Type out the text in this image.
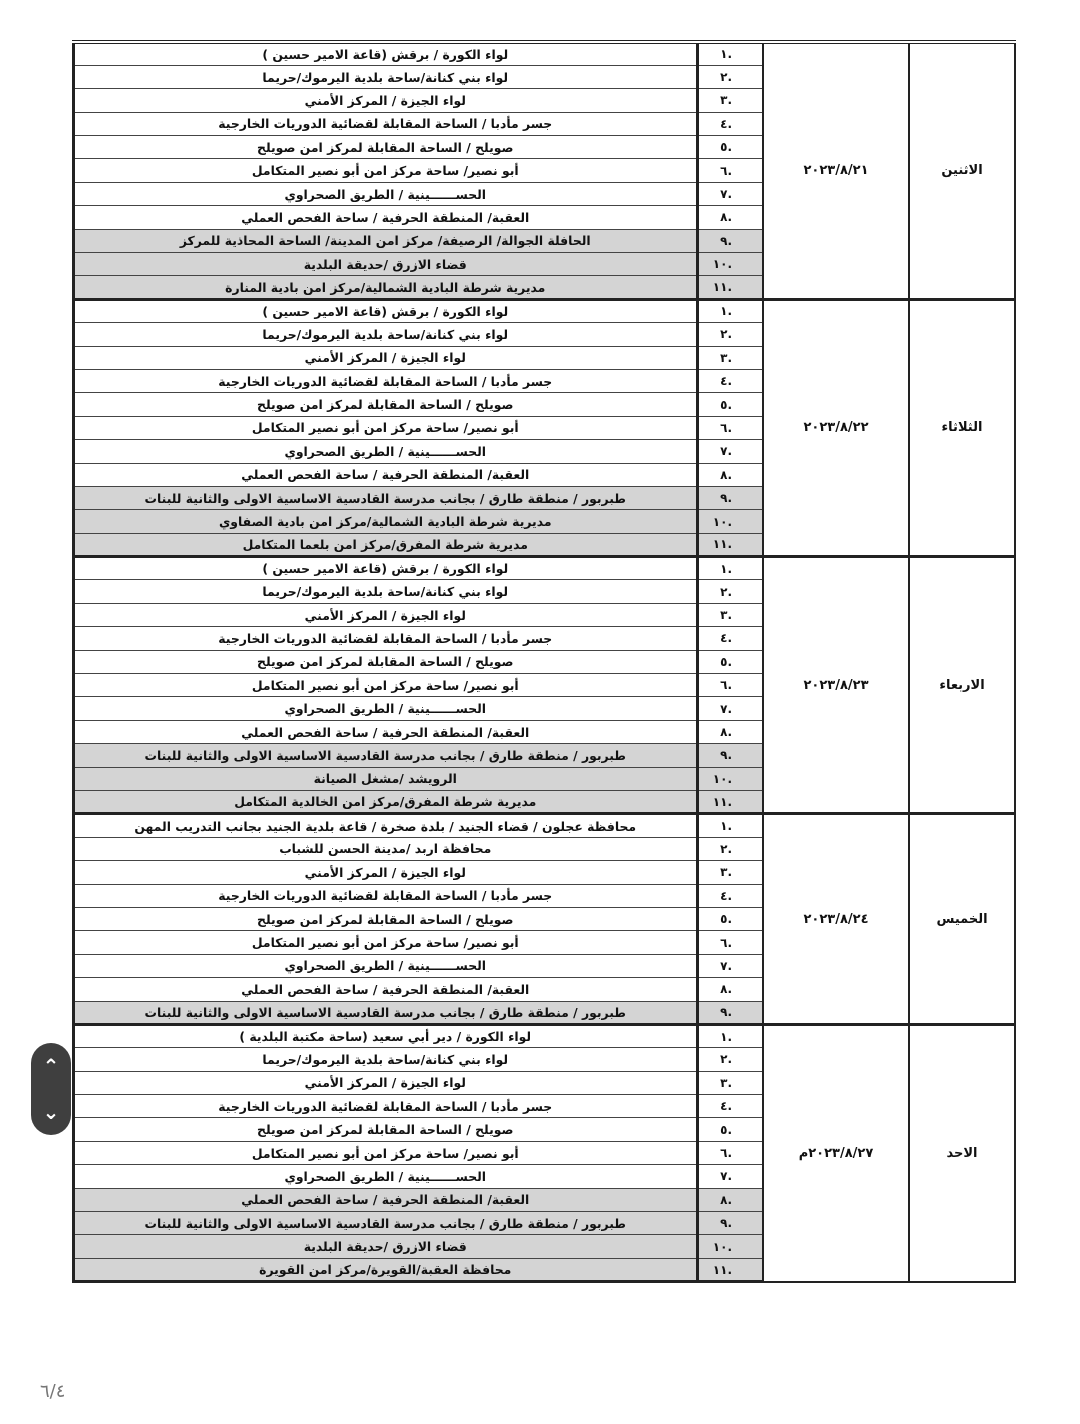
الاثنين	٢٠٢٣/٨/٢١	.١	لواء الكورة / برقش (قاعة الامير حسين )
		.٢	لواء بني كنانة/ساحة بلدية اليرموك/حريما
		.٣	لواء الجيزة / المركز الأمني
		.٤	جسر مأدبا / الساحة المقابلة لقضائية الدوريات الخارجية
		.٥	صويلح / الساحة المقابلة لمركز امن صويلح
		.٦	أبو نصير/ ساحة مركز امن أبو نصير المتكامل
		.٧	الحســــــينية / الطريق الصحراوي
		.٨	العقبة/ المنطقة الحرفية / ساحة الفحص العملي
		.٩	الحافلة الجوالة/ الرصيفة/ مركز امن المدينة/ الساحة المحاذية للمركز
		.١٠	قضاء الازرق /حديقة البلدية
		.١١	مديرية شرطة البادية الشمالية/مركز امن بادية المنارة
الثلاثاء	٢٠٢٣/٨/٢٢	.١	لواء الكورة / برقش (قاعة الامير حسين )
		.٢	لواء بني كنانة/ساحة بلدية اليرموك/حريما
		.٣	لواء الجيزة / المركز الأمني
		.٤	جسر مأدبا / الساحة المقابلة لقضائية الدوريات الخارجية
		.٥	صويلح / الساحة المقابلة لمركز امن صويلح
		.٦	أبو نصير/ ساحة مركز امن أبو نصير المتكامل
		.٧	الحســــــينية / الطريق الصحراوي
		.٨	العقبة/ المنطقة الحرفية / ساحة الفحص العملي
		.٩	طبربور / منطقة طارق / بجانب مدرسة القادسية الاساسية الاولى والثانية للبنات
		.١٠	مديرية شرطة البادية الشمالية/مركز امن بادية الصفاوي
		.١١	مديرية شرطة المفرق/مركز امن بلعما المتكامل
الاربعاء	٢٠٢٣/٨/٢٣	.١	لواء الكورة / برقش (قاعة الامير حسين )
		.٢	لواء بني كنانة/ساحة بلدية اليرموك/حريما
		.٣	لواء الجيزة / المركز الأمني
		.٤	جسر مأدبا / الساحة المقابلة لقضائية الدوريات الخارجية
		.٥	صويلح / الساحة المقابلة لمركز امن صويلح
		.٦	أبو نصير/ ساحة مركز امن أبو نصير المتكامل
		.٧	الحســــــينية / الطريق الصحراوي
		.٨	العقبة/ المنطقة الحرفية / ساحة الفحص العملي
		.٩	طبربور / منطقة طارق / بجانب مدرسة القادسية الاساسية الاولى والثانية للبنات
		.١٠	الرويشد /مشغل الصيانة
		.١١	مديرية شرطة المفرق/مركز امن الخالدية المتكامل
الخميس	٢٠٢٣/٨/٢٤	.١	محافظة عجلون / قضاء الجنيد / بلدة صخرة / قاعة بلدية الجنيد بجانب التدريب المهن
		.٢	محافظة اربد /مدينة الحسن للشباب
		.٣	لواء الجيزة / المركز الأمني
		.٤	جسر مأدبا / الساحة المقابلة لقضائية الدوريات الخارجية
		.٥	صويلح / الساحة المقابلة لمركز امن صويلح
		.٦	أبو نصير/ ساحة مركز امن أبو نصير المتكامل
		.٧	الحســــــينية / الطريق الصحراوي
		.٨	العقبة/ المنطقة الحرفية / ساحة الفحص العملي
		.٩	طبربور / منطقة طارق / بجانب مدرسة القادسية الاساسية الاولى والثانية للبنات
الاحد	٢٠٢٣/٨/٢٧م	.١	لواء الكورة / دير أبي سعيد (ساحة مكتبة البلدية )
		.٢	لواء بني كنانة/ساحة بلدية اليرموك/حريما
		.٣	لواء الجيزة / المركز الأمني
		.٤	جسر مأدبا / الساحة المقابلة لقضائية الدوريات الخارجية
		.٥	صويلح / الساحة المقابلة لمركز امن صويلح
		.٦	أبو نصير/ ساحة مركز امن أبو نصير المتكامل
		.٧	الحســــــينية / الطريق الصحراوي
		.٨	العقبة/ المنطقة الحرفية / ساحة الفحص العملي
		.٩	طبربور / منطقة طارق / بجانب مدرسة القادسية الاساسية الاولى والثانية للبنات
		.١٠	قضاء الازرق /حديقة البلدية
		.١١	محافظة العقبة/القويرة/مركز امن القويرة
⌃
⌄
٦/٤
